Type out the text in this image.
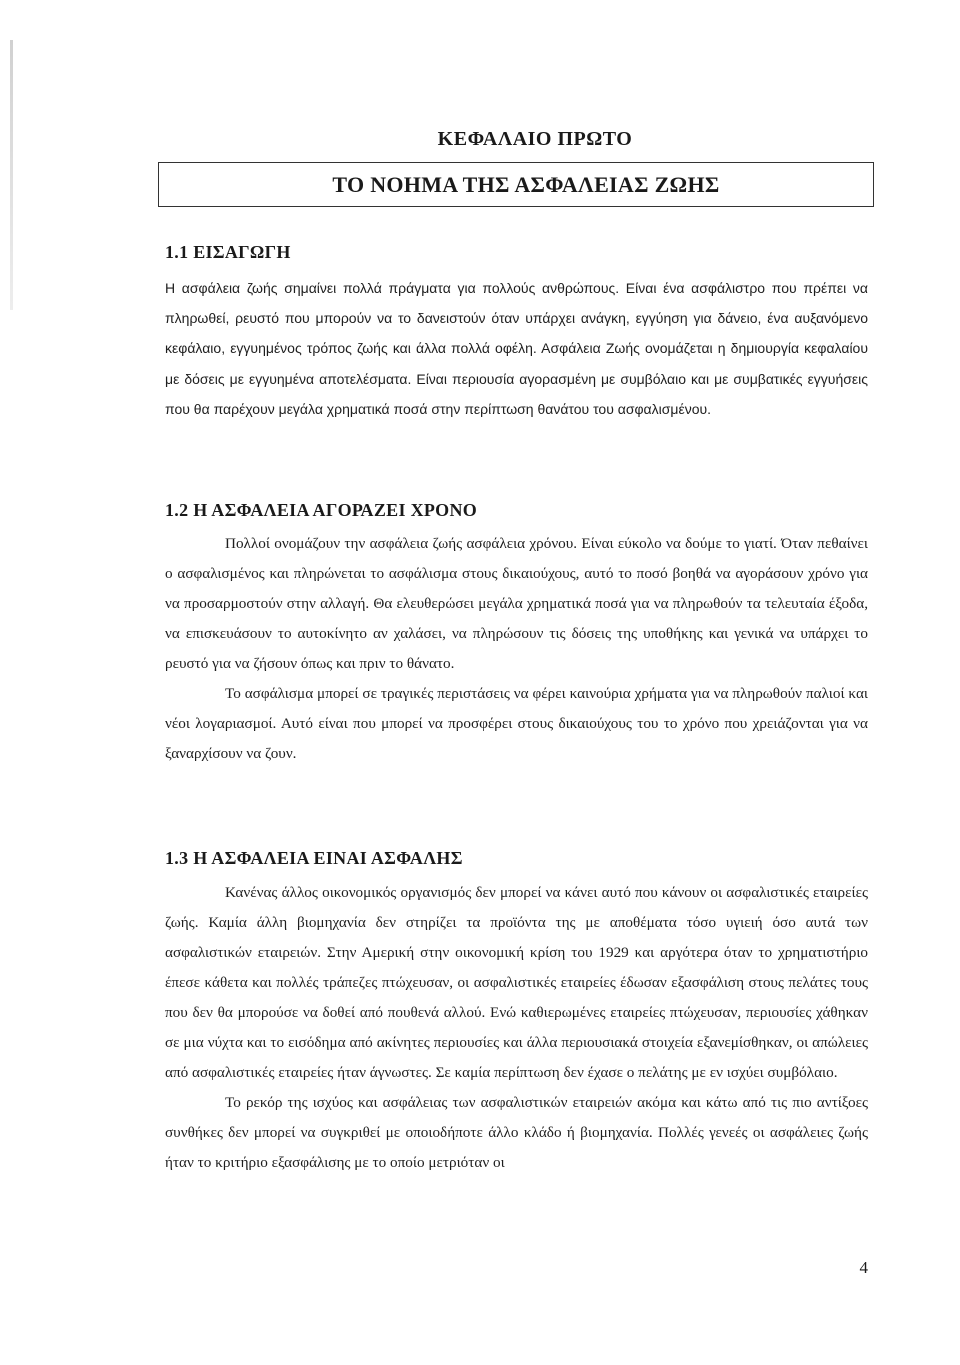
ΚΕΦΑΛΑΙΟ ΠΡΩΤΟ
ΤΟ ΝΟΗΜΑ ΤΗΣ ΑΣΦΑΛΕΙΑΣ ΖΩΗΣ
1.1 ΕΙΣΑΓΩΓΗ

Η ασφάλεια ζωής σημαίνει πολλά πράγματα για πολλούς ανθρώπους. Είναι ένα ασφάλιστρο που πρέπει να πληρωθεί, ρευστό που μπορούν να το δανειστούν όταν υπάρχει ανάγκη, εγγύηση για δάνειο, ένα αυξανόμενο κεφάλαιο, εγγυημένος τρόπος ζωής και άλλα πολλά οφέλη. Ασφάλεια Ζωής ονομάζεται η δημιουργία κεφαλαίου με δόσεις με εγγυημένα αποτελέσματα. Είναι περιουσία αγορασμένη με συμβόλαιο και με συμβατικές εγγυήσεις που θα παρέχουν μεγάλα χρηματικά ποσά στην περίπτωση θανάτου του ασφαλισμένου.

1.2 Η ΑΣΦΑΛΕΙΑ ΑΓΟΡΑΖΕΙ ΧΡΟΝΟ

Πολλοί ονομάζουν την ασφάλεια ζωής ασφάλεια χρόνου. Είναι εύκολο να δούμε το γιατί. Όταν πεθαίνει ο ασφαλισμένος και πληρώνεται το ασφάλισμα στους δικαιούχους, αυτό το ποσό βοηθά να αγοράσουν χρόνο για να προσαρμοστούν στην αλλαγή. Θα ελευθερώσει μεγάλα χρηματικά ποσά για να πληρωθούν τα τελευταία έξοδα, να επισκευάσουν το αυτοκίνητο αν χαλάσει, να πληρώσουν τις δόσεις της υποθήκης και γενικά να υπάρχει το ρευστό για να ζήσουν όπως και πριν το θάνατο.

Το ασφάλισμα μπορεί σε τραγικές περιστάσεις να φέρει καινούρια χρήματα για να πληρωθούν παλιοί και νέοι λογαριασμοί. Αυτό είναι που μπορεί να προσφέρει στους δικαιούχους του το χρόνο που χρειάζονται για να ξαναρχίσουν να ζουν.

1.3 Η ΑΣΦΑΛΕΙΑ ΕΙΝΑΙ ΑΣΦΑΛΗΣ

Κανένας άλλος οικονομικός οργανισμός δεν μπορεί να κάνει αυτό που κάνουν οι ασφαλιστικές εταιρείες ζωής. Καμία άλλη βιομηχανία δεν στηρίζει τα προϊόντα της με αποθέματα τόσο υγιειή όσο αυτά των ασφαλιστικών εταιρειών. Στην Αμερική στην οικονομική κρίση του 1929 και αργότερα όταν το χρηματιστήριο έπεσε κάθετα και πολλές τράπεζες πτώχευσαν, οι ασφαλιστικές εταιρείες έδωσαν εξασφάλιση στους πελάτες τους που δεν θα μπορούσε να δοθεί από πουθενά αλλού. Ενώ καθιερωμένες εταιρείες πτώχευσαν, περιουσίες χάθηκαν σε μια νύχτα και το εισόδημα από ακίνητες περιουσίες και άλλα περιουσιακά στοιχεία εξανεμίσθηκαν, οι απώλειες από ασφαλιστικές εταιρείες ήταν άγνωστες. Σε καμία περίπτωση δεν έχασε ο πελάτης με εν ισχύει συμβόλαιο.

Το ρεκόρ της ισχύος και ασφάλειας των ασφαλιστικών εταιρειών ακόμα και κάτω από τις πιο αντίξοες συνθήκες δεν μπορεί να συγκριθεί με οποιοδήποτε άλλο κλάδο ή βιομηχανία. Πολλές γενεές οι ασφάλειες ζωής ήταν το κριτήριο εξασφάλισης με το οποίο μετριόταν οι

4
